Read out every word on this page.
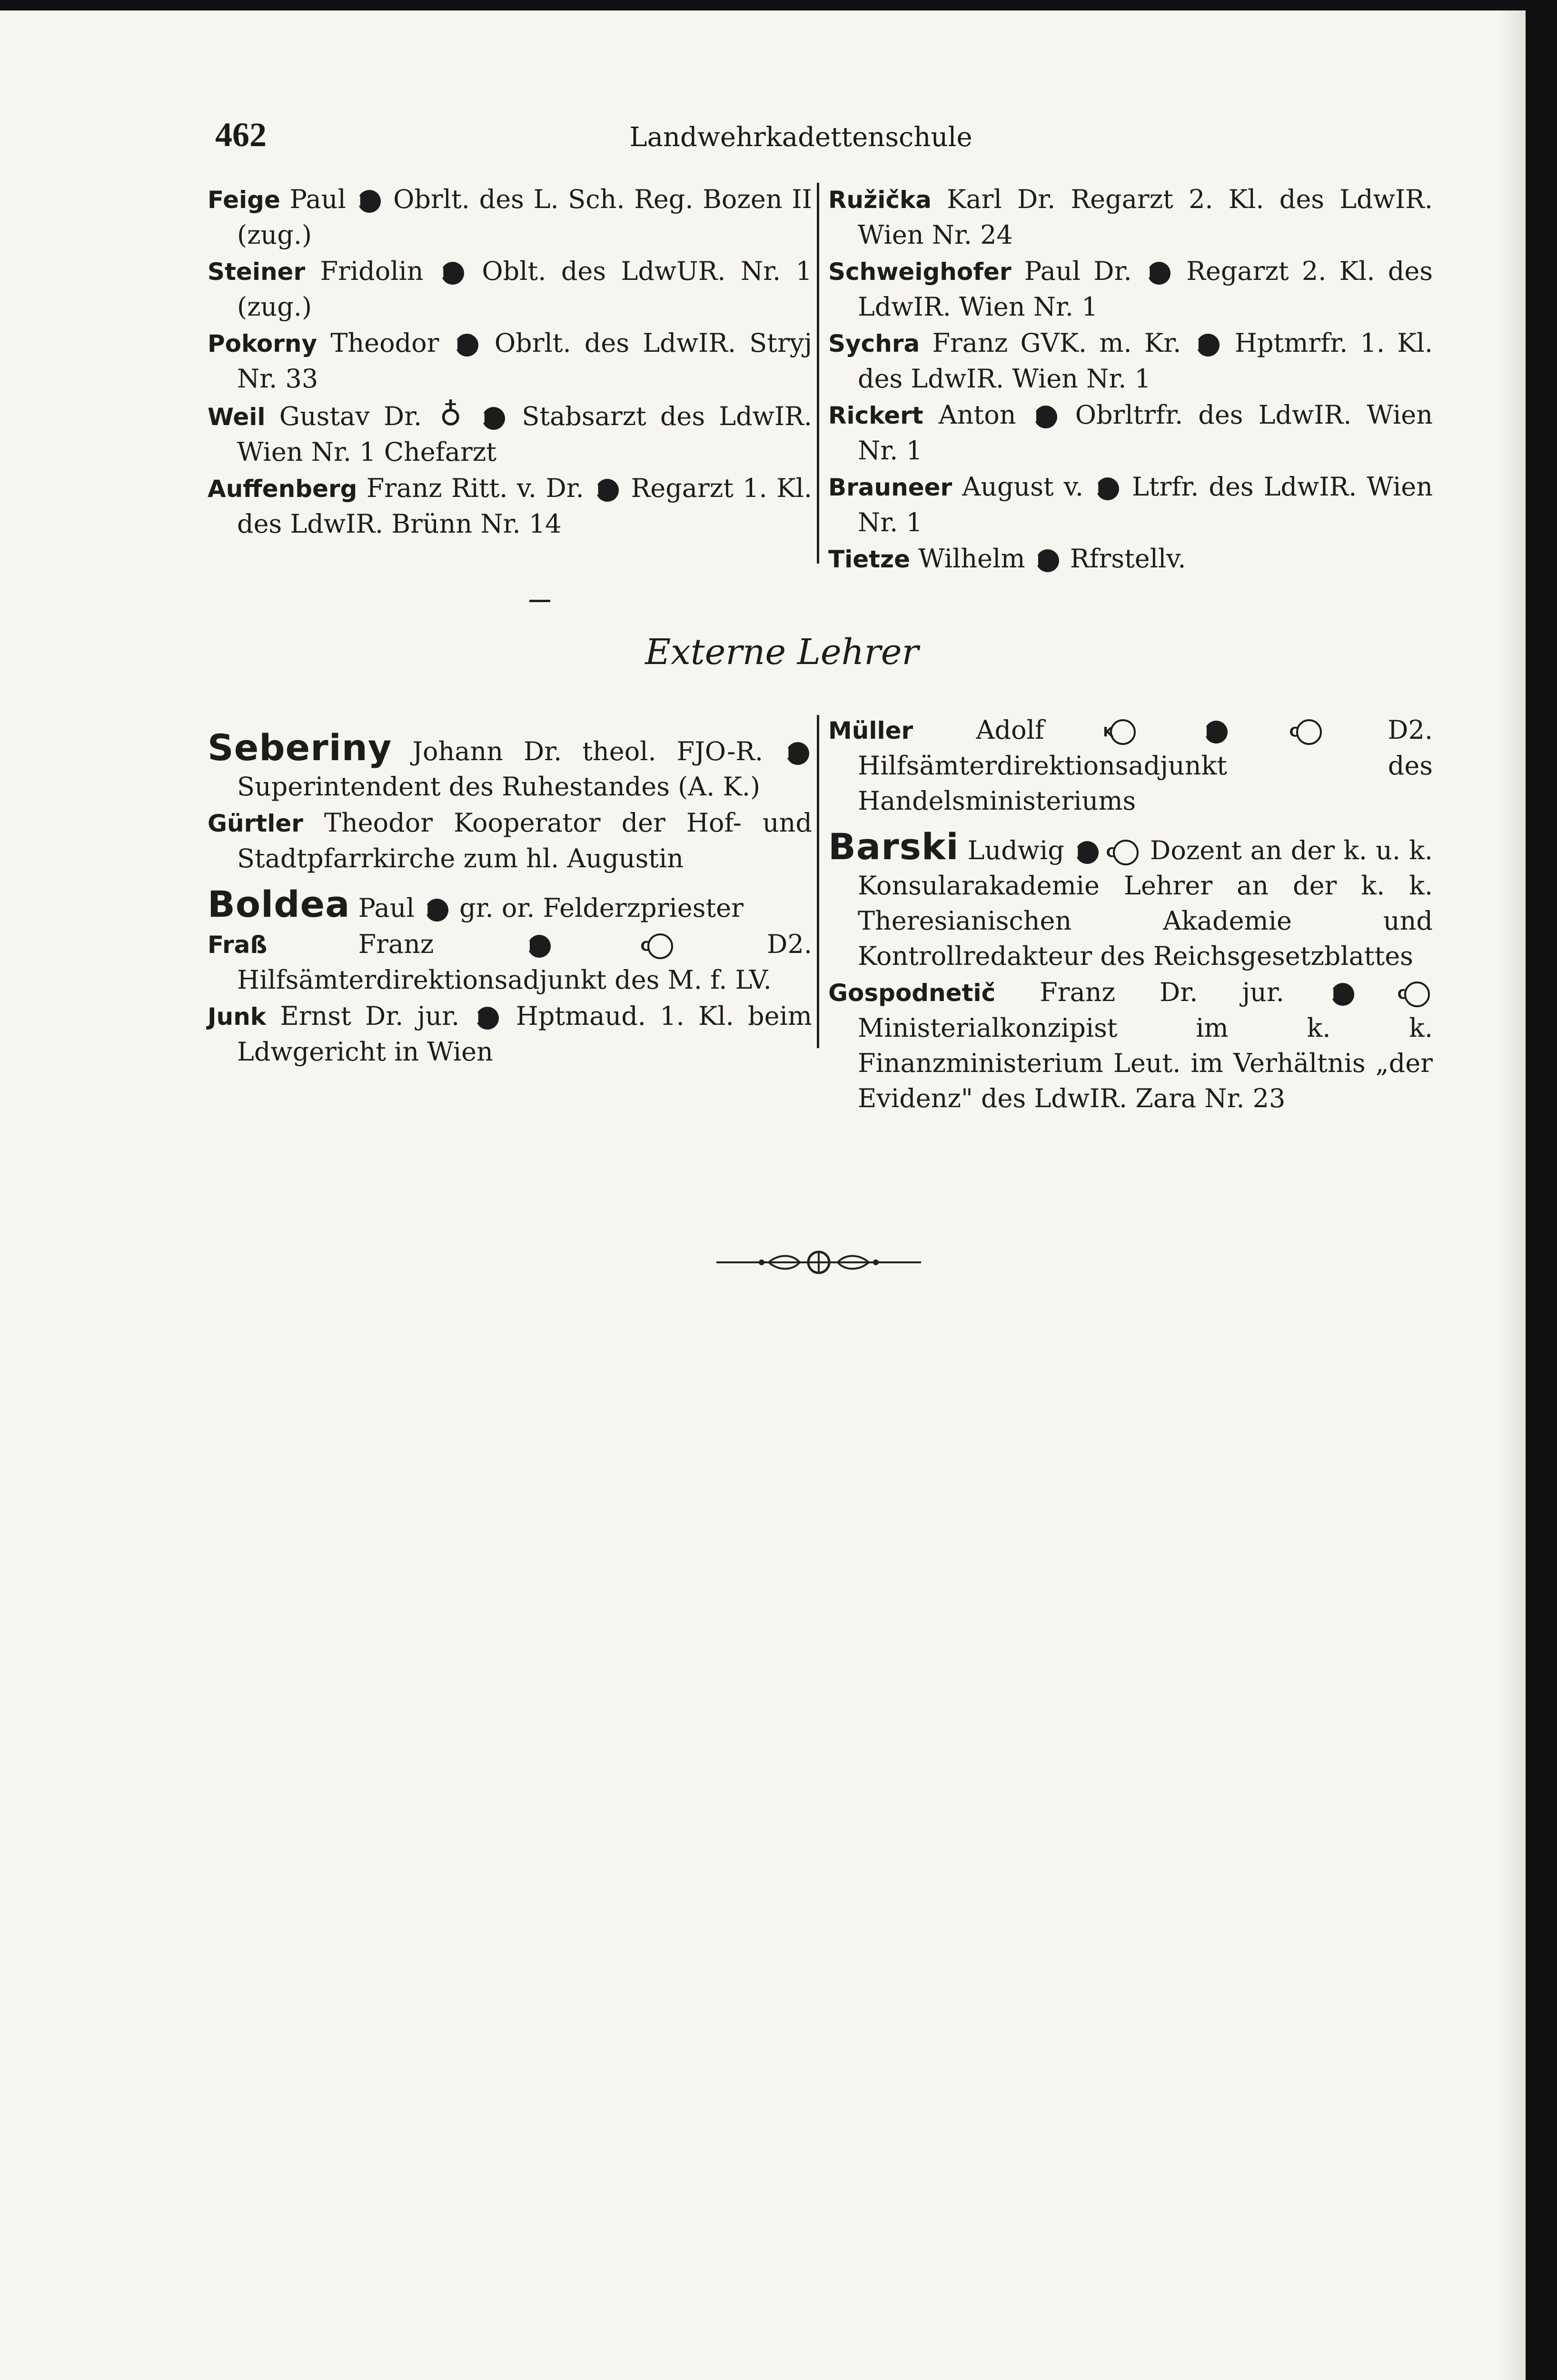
462	Landwehrkadettenschule
Feige Paul M Obrlt. des L. Sch. Reg. Bozen II (zug.)
Steiner Fridolin M Oblt. des LdwUR. Nr. 1 (zug.)
Pokorny Theodor M Obrlt. des LdwIR. Stryj Nr. 33
Weil Gustav Dr. ♁ M Stabsarzt des LdwIR. Wien Nr. 1 Chefarzt
Auffenberg Franz Ritt. v. Dr. M Regarzt 1. Kl. des LdwIR. Brünn Nr. 14
Ružička Karl Dr. Regarzt 2. Kl. des LdwIR. Wien Nr. 24
Schweighofer Paul Dr. M Regarzt 2. Kl. des LdwIR. Wien Nr. 1
Sychra Franz GVK. m. Kr. M Hptmrfr. 1. Kl. des LdwIR. Wien Nr. 1
Rickert Anton M Obrltrfr. des LdwIR. Wien Nr. 1
Brauneer August v. M Ltrfr. des LdwIR. Wien Nr. 1
Tietze Wilhelm M Rfrstellv.
Externe Lehrer
Seberiny Johann Dr. theol. FJO-R. M Superintendent des Ruhestandes (A. K.)
Gürtler Theodor Kooperator der Hof- und Stadtpfarrkirche zum hl. Augustin
Boldea Paul M gr. or. Felderzpriester
Fraß	Franz	M	C	D2. Hilfsämterdirektionsadjunkt des M. f. LV.
Junk Ernst Dr. jur. M Hptmaud. 1. Kl. beim Ldwgericht in Wien
Müller Adolf	K	M	C	D2. Hilfsämterdirektionsadjunkt des Handelsministeriums
Barski Ludwig M C Dozent an der k. u. k. Konsularakademie Lehrer an der k. k. Theresianischen Akademie und Kontrollredakteur des Reichsgesetzblattes
Gospodnetič Franz Dr. jur.	M	C Ministerialkonzipist im k. k. Finanzministerium Leut. im Verhältnis „der Evidenz" des LdwIR. Zara Nr. 23
